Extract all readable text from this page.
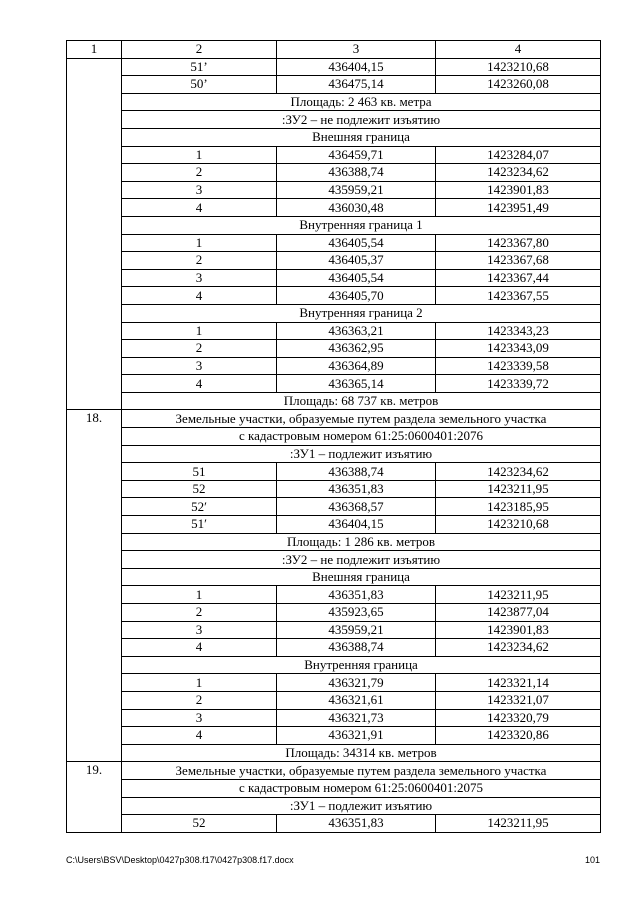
1	2	3	4
	51’	436404,15	1423210,68
	50’	436475,14	1423260,08
	Площадь: 2 463 кв. метра		
	:ЗУ2 – не подлежит изъятию		
	Внешняя граница		
	1	436459,71	1423284,07
	2	436388,74	1423234,62
	3	435959,21	1423901,83
	4	436030,48	1423951,49
	Внутренняя граница 1		
	1	436405,54	1423367,80
	2	436405,37	1423367,68
	3	436405,54	1423367,44
	4	436405,70	1423367,55
	Внутренняя граница 2		
	1	436363,21	1423343,23
	2	436362,95	1423343,09
	3	436364,89	1423339,58
	4	436365,14	1423339,72
	Площадь: 68 737 кв. метров		
18.	Земельные участки, образуемые путем раздела земельного участка		
	с кадастровым номером 61:25:0600401:2076		
	:ЗУ1 – подлежит изъятию		
	51	436388,74	1423234,62
	52	436351,83	1423211,95
	52′	436368,57	1423185,95
	51′	436404,15	1423210,68
	Площадь: 1 286 кв. метров		
	:ЗУ2 – не подлежит изъятию		
	Внешняя граница		
	1	436351,83	1423211,95
	2	435923,65	1423877,04
	3	435959,21	1423901,83
	4	436388,74	1423234,62
	Внутренняя граница		
	1	436321,79	1423321,14
	2	436321,61	1423321,07
	3	436321,73	1423320,79
	4	436321,91	1423320,86
	Площадь: 34314 кв. метров		
19.	Земельные участки, образуемые путем раздела земельного участка		
	с кадастровым номером 61:25:0600401:2075		
	:ЗУ1 – подлежит изъятию		
	52	436351,83	1423211,95
C:\Users\BSV\Desktop\0427p308.f17\0427p308.f17.docx	101
